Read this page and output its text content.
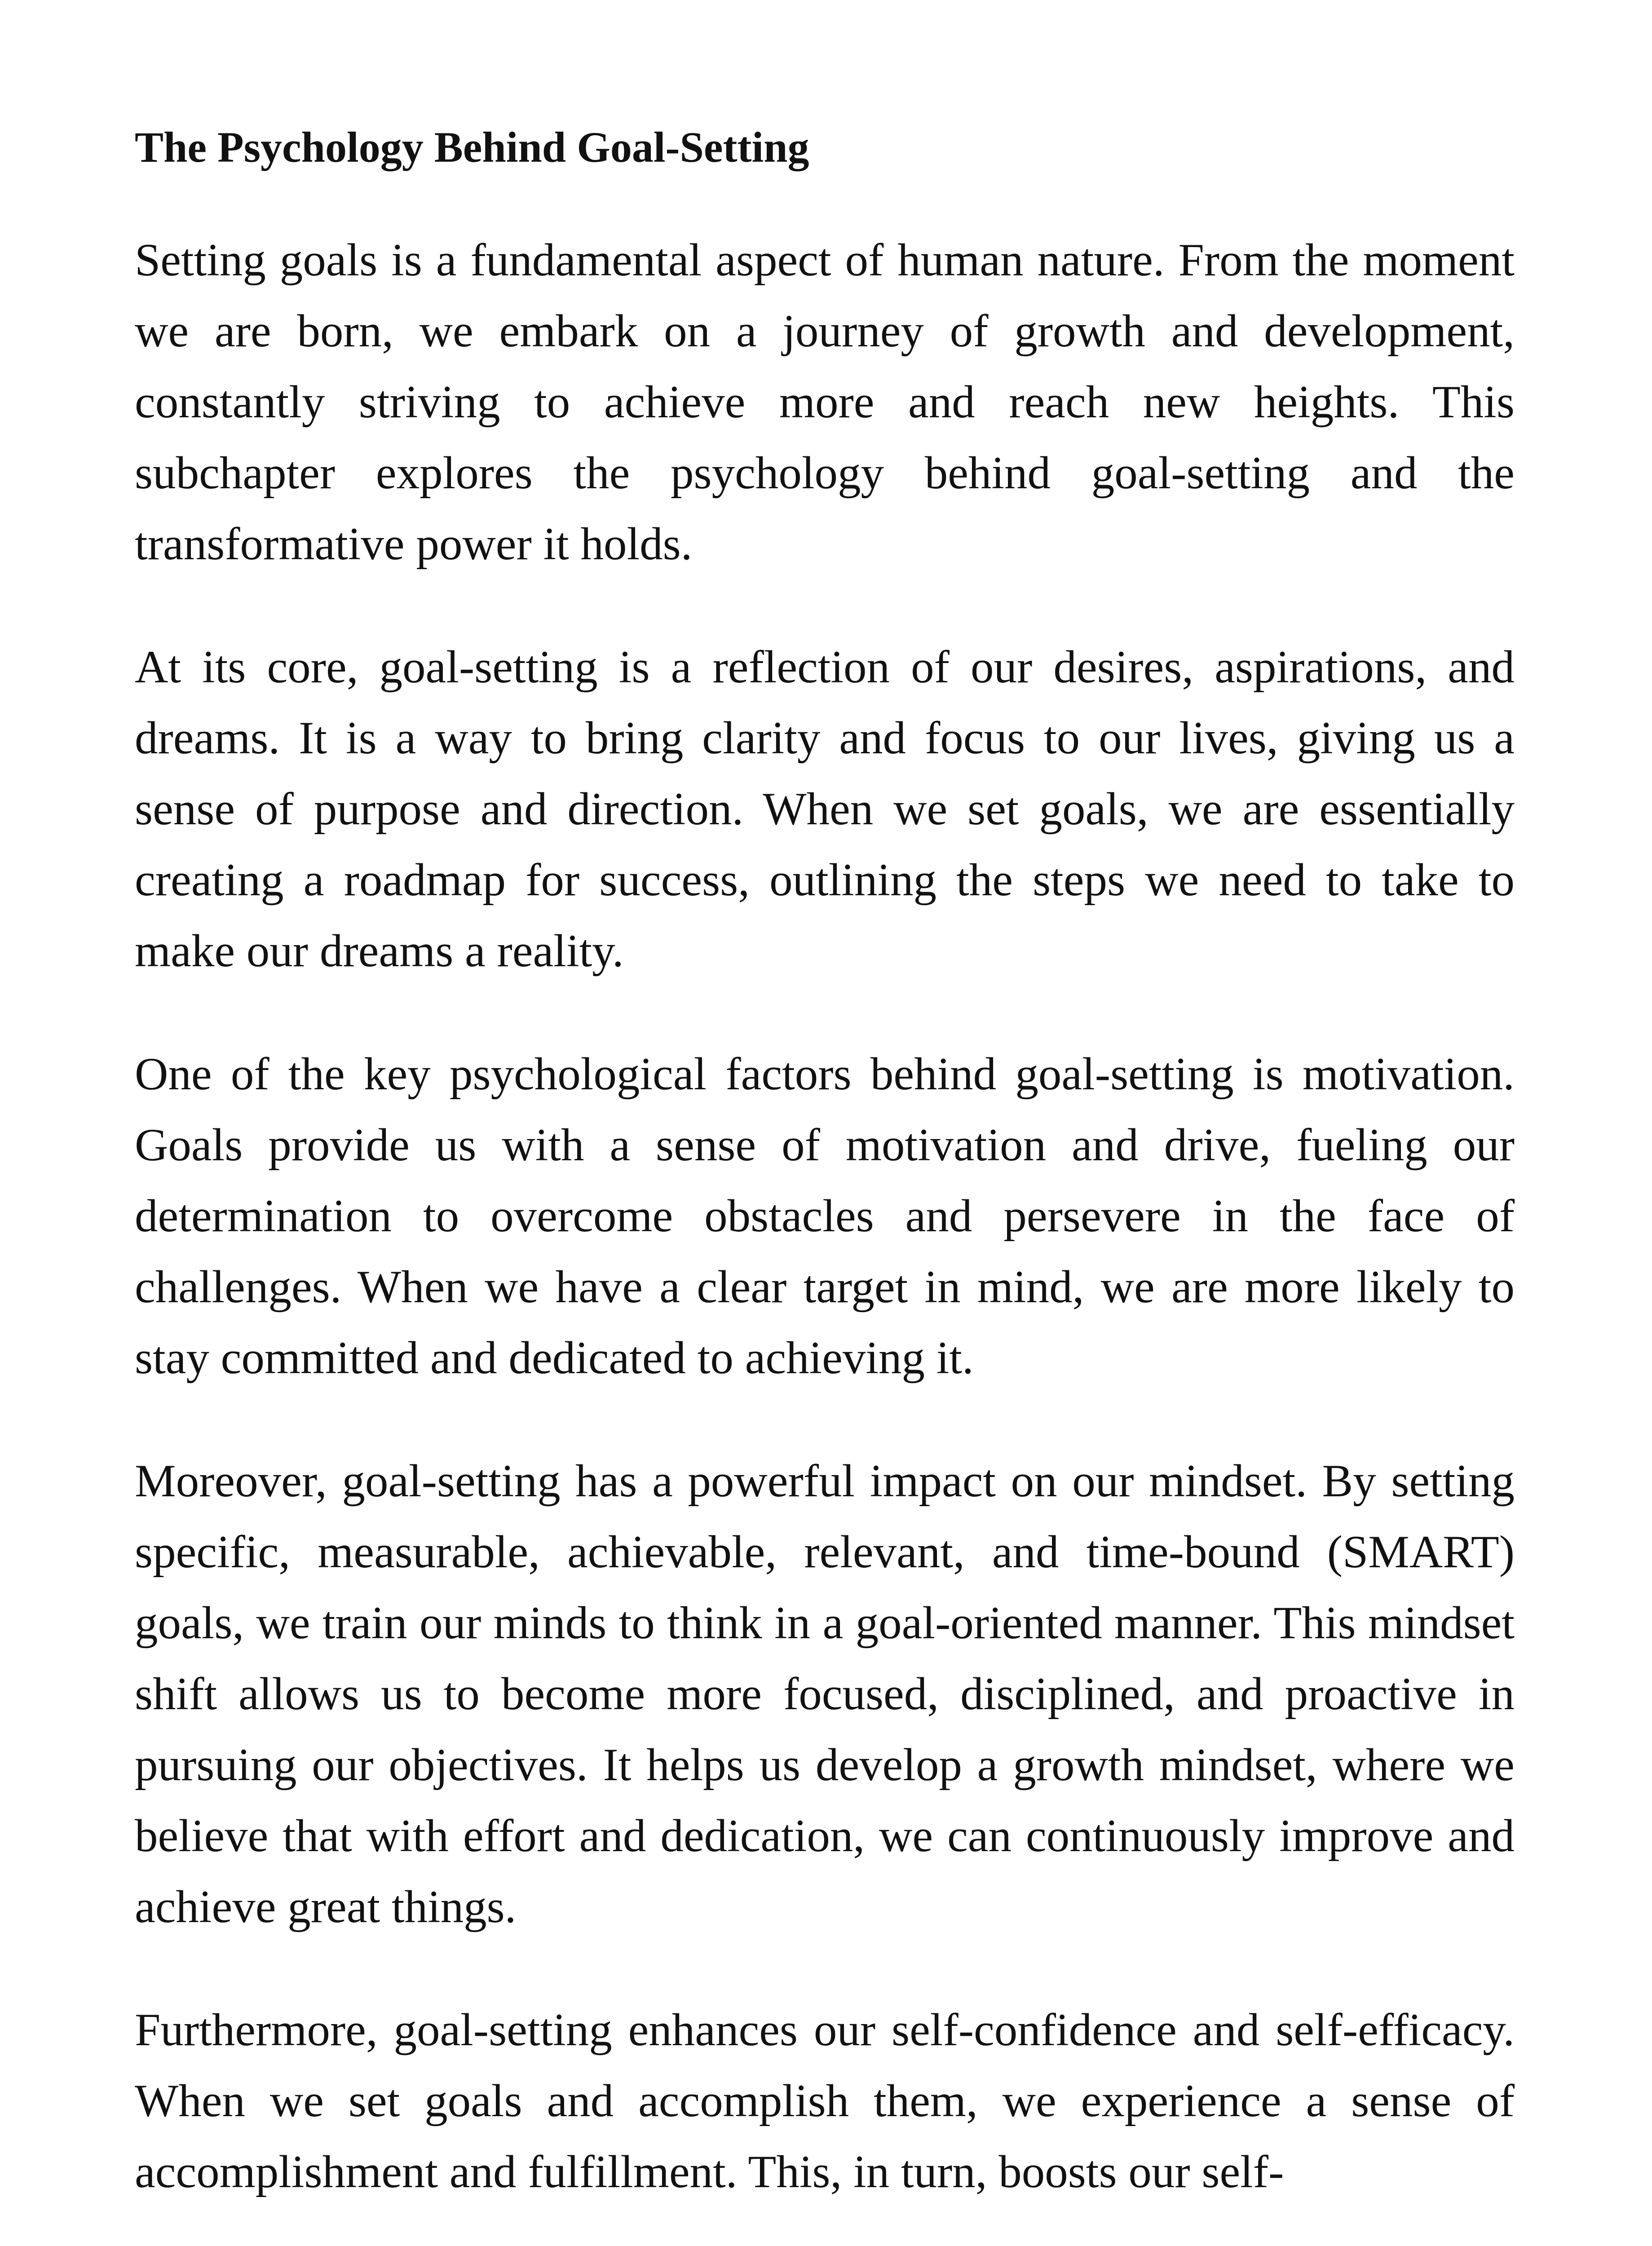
The Psychology Behind Goal-Setting

Setting goals is a fundamental aspect of human nature. From the moment we are born, we embark on a journey of growth and development, constantly striving to achieve more and reach new heights. This subchapter explores the psychology behind goal-setting and the transformative power it holds.

At its core, goal-setting is a reflection of our desires, aspirations, and dreams. It is a way to bring clarity and focus to our lives, giving us a sense of purpose and direction. When we set goals, we are essentially creating a roadmap for success, outlining the steps we need to take to make our dreams a reality.

One of the key psychological factors behind goal-setting is motivation. Goals provide us with a sense of motivation and drive, fueling our determination to overcome obstacles and persevere in the face of challenges. When we have a clear target in mind, we are more likely to stay committed and dedicated to achieving it.

Moreover, goal-setting has a powerful impact on our mindset. By setting specific, measurable, achievable, relevant, and time-bound (SMART) goals, we train our minds to think in a goal-oriented manner. This mindset shift allows us to become more focused, disciplined, and proactive in pursuing our objectives. It helps us develop a growth mindset, where we believe that with effort and dedication, we can continuously improve and achieve great things.

Furthermore, goal-setting enhances our self-confidence and self-efficacy. When we set goals and accomplish them, we experience a sense of accomplishment and fulfillment. This, in turn, boosts our self-
